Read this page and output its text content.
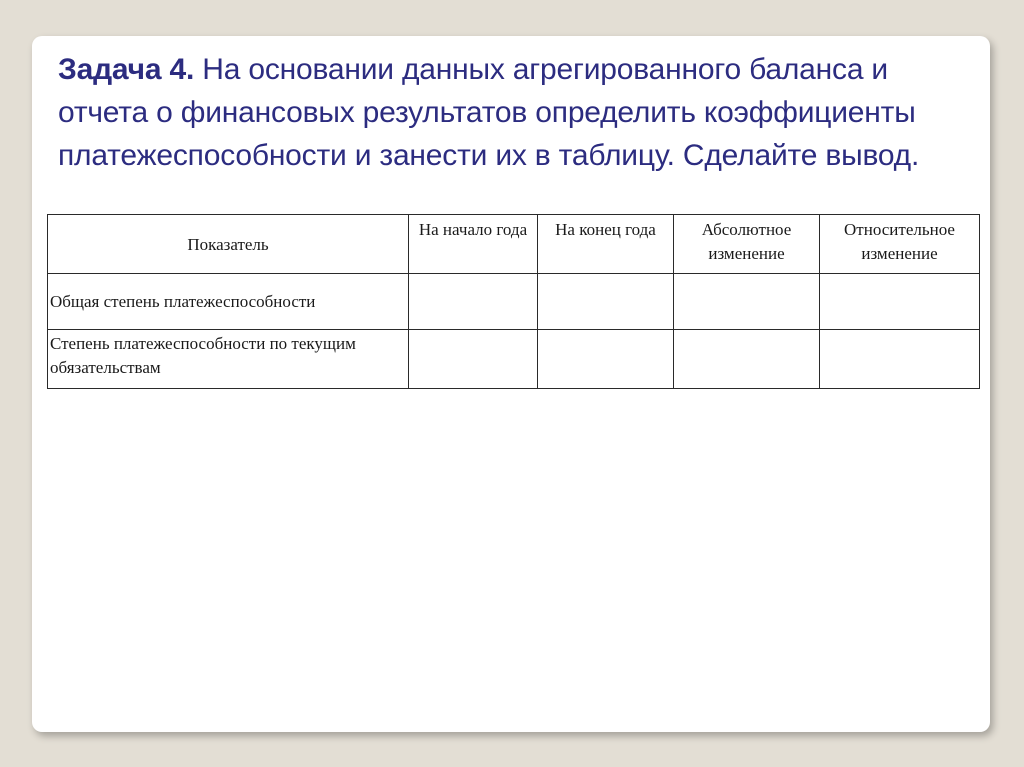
Задача 4. На основании данных агрегированного баланса и отчета о финансовых результатов определить коэффициенты платежеспособности и занести их в таблицу. Сделайте вывод.

Показатель	На начало года	На конец года	Абсолютное изменение	Относительное изменение
Общая степень платежеспособности				
Степень платежеспособности по текущим обязательствам				
